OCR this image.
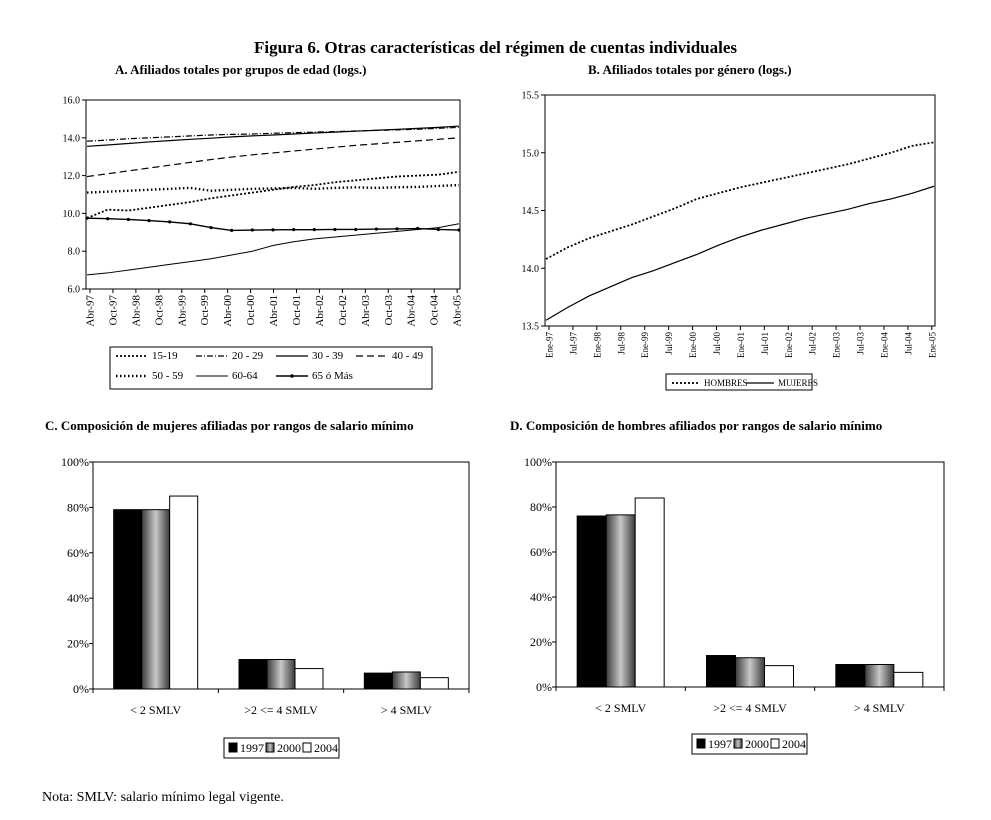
Figura 6. Otras características del régimen de cuentas individuales
A. Afiliados totales por grupos de edad (logs.)	B. Afiliados totales por género (logs.)
C. Composición de mujeres afiliadas por rangos de salario mínimo	D. Composición de hombres afiliados por rangos de salario mínimo
Nota: SMLV: salario mínimo legal vigente.
6.0
8.0
10.0
12.0
14.0
16.0
Abr-97 Oct-97 Abr-98 Oct-98 Abr-99 Oct-99 Abr-00 Oct-00 Abr-01 Oct-01 Abr-02 Oct-02 Abr-03 Oct-03 Abr-04 Oct-04 Abr-05
15-19	20 - 29	30 - 39	40 - 49
50 - 59	60-64	65 ó Más
13.5
14.0
14.5
15.0
15.5
Ene-97 Jul-97 Ene-98 Jul-98 Ene-99 Jul-99 Ene-00 Jul-00 Ene-01 Jul-01 Ene-02 Jul-02 Ene-03 Jul-03 Ene-04 Jul-04 Ene-05
HOMBRES	MUJERES
0%
20%
40%
60%
80%
100%
< 2 SMLV	>2 <= 4 SMLV	> 4 SMLV
1997 2000 2004
0%
20%
40%
60%
80%
100%
< 2 SMLV	>2 <= 4 SMLV	> 4 SMLV
1997 2000 2004
